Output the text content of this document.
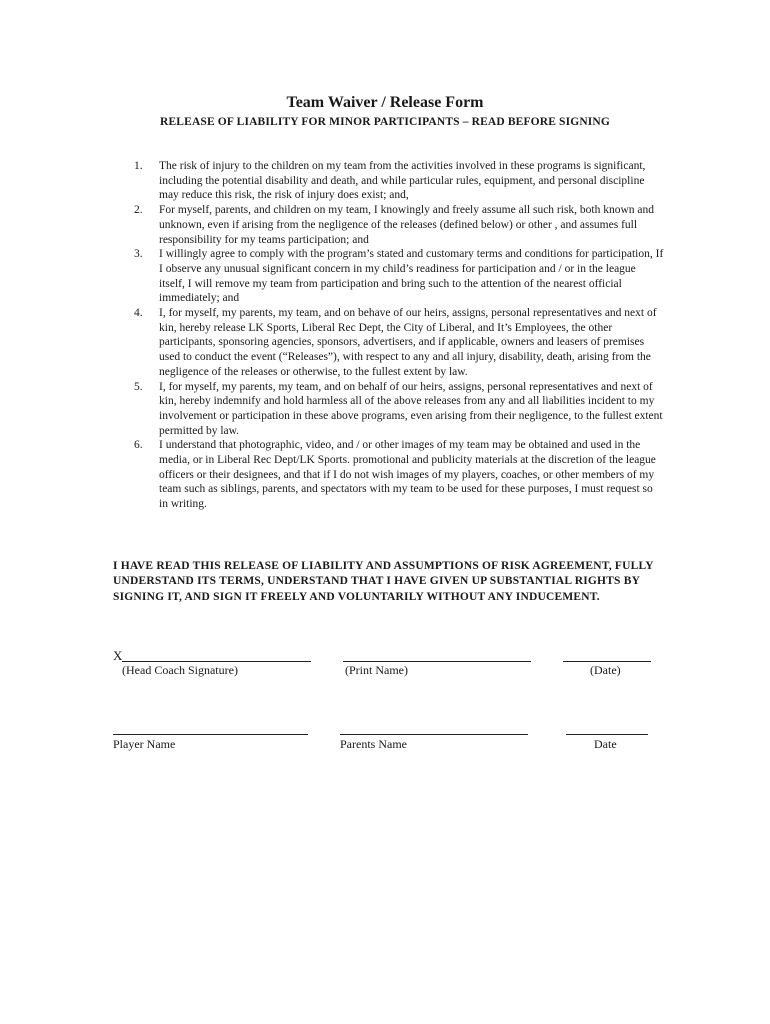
Team Waiver / Release Form
RELEASE OF LIABILITY FOR MINOR PARTICIPANTS – READ BEFORE SIGNING
1. The risk of injury to the children on my team from the activities involved in these programs is significant, including the potential disability and death, and while particular rules, equipment, and personal discipline may reduce this risk, the risk of injury does exist; and,
2. For myself, parents, and children on my team, I knowingly and freely assume all such risk, both known and unknown, even if arising from the negligence of the releases (defined below) or other , and assumes full responsibility for my teams participation; and
3. I willingly agree to comply with the program’s stated and customary terms and conditions for participation, If I observe any unusual significant concern in my child’s readiness for participation and / or in the league itself, I will remove my team from participation and bring such to the attention of the nearest official immediately; and
4. I, for myself, my parents, my team, and on behave of our heirs, assigns, personal representatives and next of kin, hereby release LK Sports, Liberal Rec Dept, the City of Liberal, and It’s Employees, the other participants, sponsoring agencies, sponsors, advertisers, and if applicable, owners and leasers of premises used to conduct the event (“Releases”), with respect to any and all injury, disability, death, arising from the negligence of the releases or otherwise, to the fullest extent by law.
5. I, for myself, my parents, my team, and on behalf of our heirs, assigns, personal representatives and next of kin, hereby indemnify and hold harmless all of the above releases from any and all liabilities incident to my involvement or participation in these above programs, even arising from their negligence, to the fullest extent permitted by law.
6. I understand that photographic, video, and / or other images of my team may be obtained and used in the media, or in Liberal Rec Dept/LK Sports. promotional and publicity materials at the discretion of the league officers or their designees, and that if I do not wish images of my players, coaches, or other members of my team such as siblings, parents, and spectators with my team to be used for these purposes, I must request so in writing.
I HAVE READ THIS RELEASE OF LIABILITY AND ASSUMPTIONS OF RISK AGREEMENT, FULLY UNDERSTAND ITS TERMS, UNDERSTAND THAT I HAVE GIVEN UP SUBSTANTIAL RIGHTS BY SIGNING IT, AND SIGN IT FREELY AND VOLUNTARILY WITHOUT ANY INDUCEMENT.
X
(Head Coach Signature)	(Print Name)	(Date)
Player Name	Parents Name	Date
